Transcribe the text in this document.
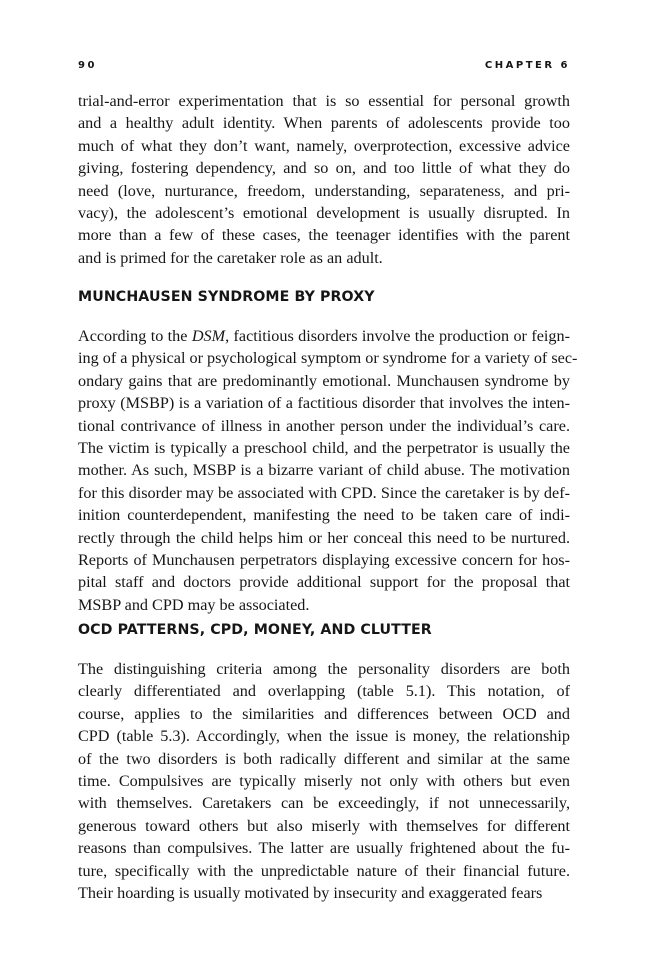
90	CHAPTER 6
trial-and-error experimentation that is so essential for personal growth
and a healthy adult identity. When parents of adolescents provide too
much of what they don’t want, namely, overprotection, excessive advice
giving, fostering dependency, and so on, and too little of what they do
need (love, nurturance, freedom, understanding, separateness, and pri-
vacy), the adolescent’s emotional development is usually disrupted. In
more than a few of these cases, the teenager identifies with the parent
and is primed for the caretaker role as an adult.
MUNCHAUSEN SYNDROME BY PROXY
According to the DSM, factitious disorders involve the production or feign-
ing of a physical or psychological symptom or syndrome for a variety of sec-
ondary gains that are predominantly emotional. Munchausen syndrome by
proxy (MSBP) is a variation of a factitious disorder that involves the inten-
tional contrivance of illness in another person under the individual’s care.
The victim is typically a preschool child, and the perpetrator is usually the
mother. As such, MSBP is a bizarre variant of child abuse. The motivation
for this disorder may be associated with CPD. Since the caretaker is by def-
inition counterdependent, manifesting the need to be taken care of indi-
rectly through the child helps him or her conceal this need to be nurtured.
Reports of Munchausen perpetrators displaying excessive concern for hos-
pital staff and doctors provide additional support for the proposal that
MSBP and CPD may be associated.
OCD PATTERNS, CPD, MONEY, AND CLUTTER
The distinguishing criteria among the personality disorders are both
clearly differentiated and overlapping (table 5.1). This notation, of
course, applies to the similarities and differences between OCD and
CPD (table 5.3). Accordingly, when the issue is money, the relationship
of the two disorders is both radically different and similar at the same
time. Compulsives are typically miserly not only with others but even
with themselves. Caretakers can be exceedingly, if not unnecessarily,
generous toward others but also miserly with themselves for different
reasons than compulsives. The latter are usually frightened about the fu-
ture, specifically with the unpredictable nature of their financial future.
Their hoarding is usually motivated by insecurity and exaggerated fears
